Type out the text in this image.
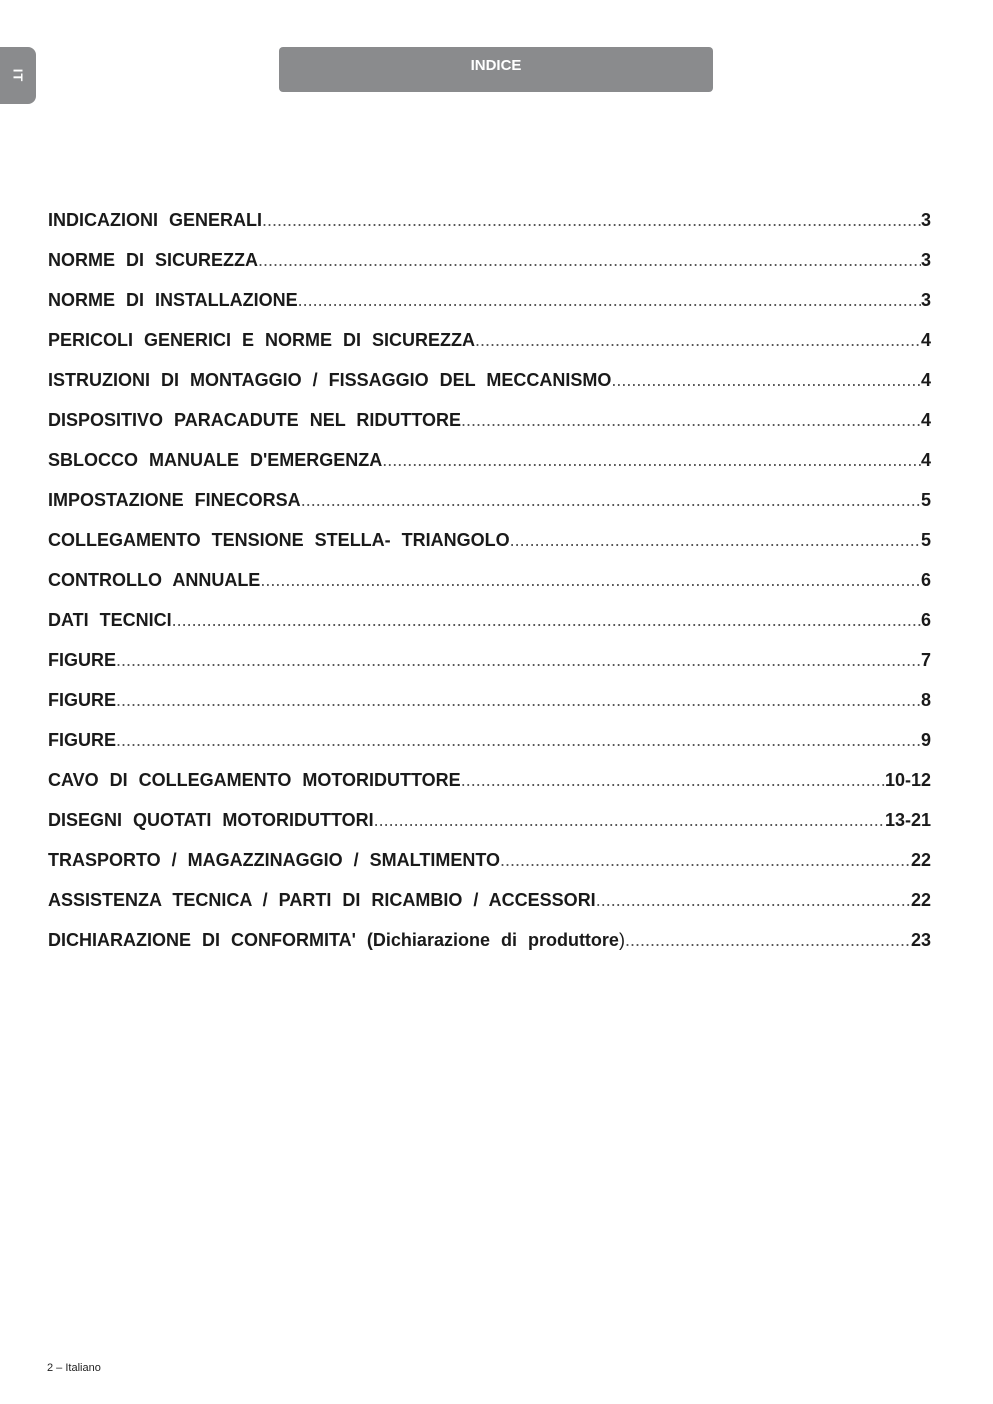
IT
INDICE
INDICAZIONI GENERALI .....	3
NORME DI SICUREZZA .....	3
NORME DI INSTALLAZIONE .....	3
PERICOLI GENERICI E NORME DI SICUREZZA .....	4
ISTRUZIONI DI MONTAGGIO / FISSAGGIO DEL MECCANISMO .....	4
DISPOSITIVO PARACADUTE NEL RIDUTTORE .....	4
SBLOCCO MANUALE D'EMERGENZA .....	4
IMPOSTAZIONE FINECORSA .....	5
COLLEGAMENTO TENSIONE STELLA- TRIANGOLO .....	5
CONTROLLO ANNUALE .....	6
DATI TECNICI .....	6
FIGURE .....	7
FIGURE .....	8
FIGURE .....	9
CAVO DI COLLEGAMENTO MOTORIDUTTORE .....	10-12
DISEGNI QUOTATI MOTORIDUTTORI .....	13-21
TRASPORTO / MAGAZZINAGGIO / SMALTIMENTO .....	22
ASSISTENZA TECNICA / PARTI DI RICAMBIO / ACCESSORI .....	22
DICHIARAZIONE DI CONFORMITA' (Dichiarazione di produttore) .....	23
2 – Italiano
